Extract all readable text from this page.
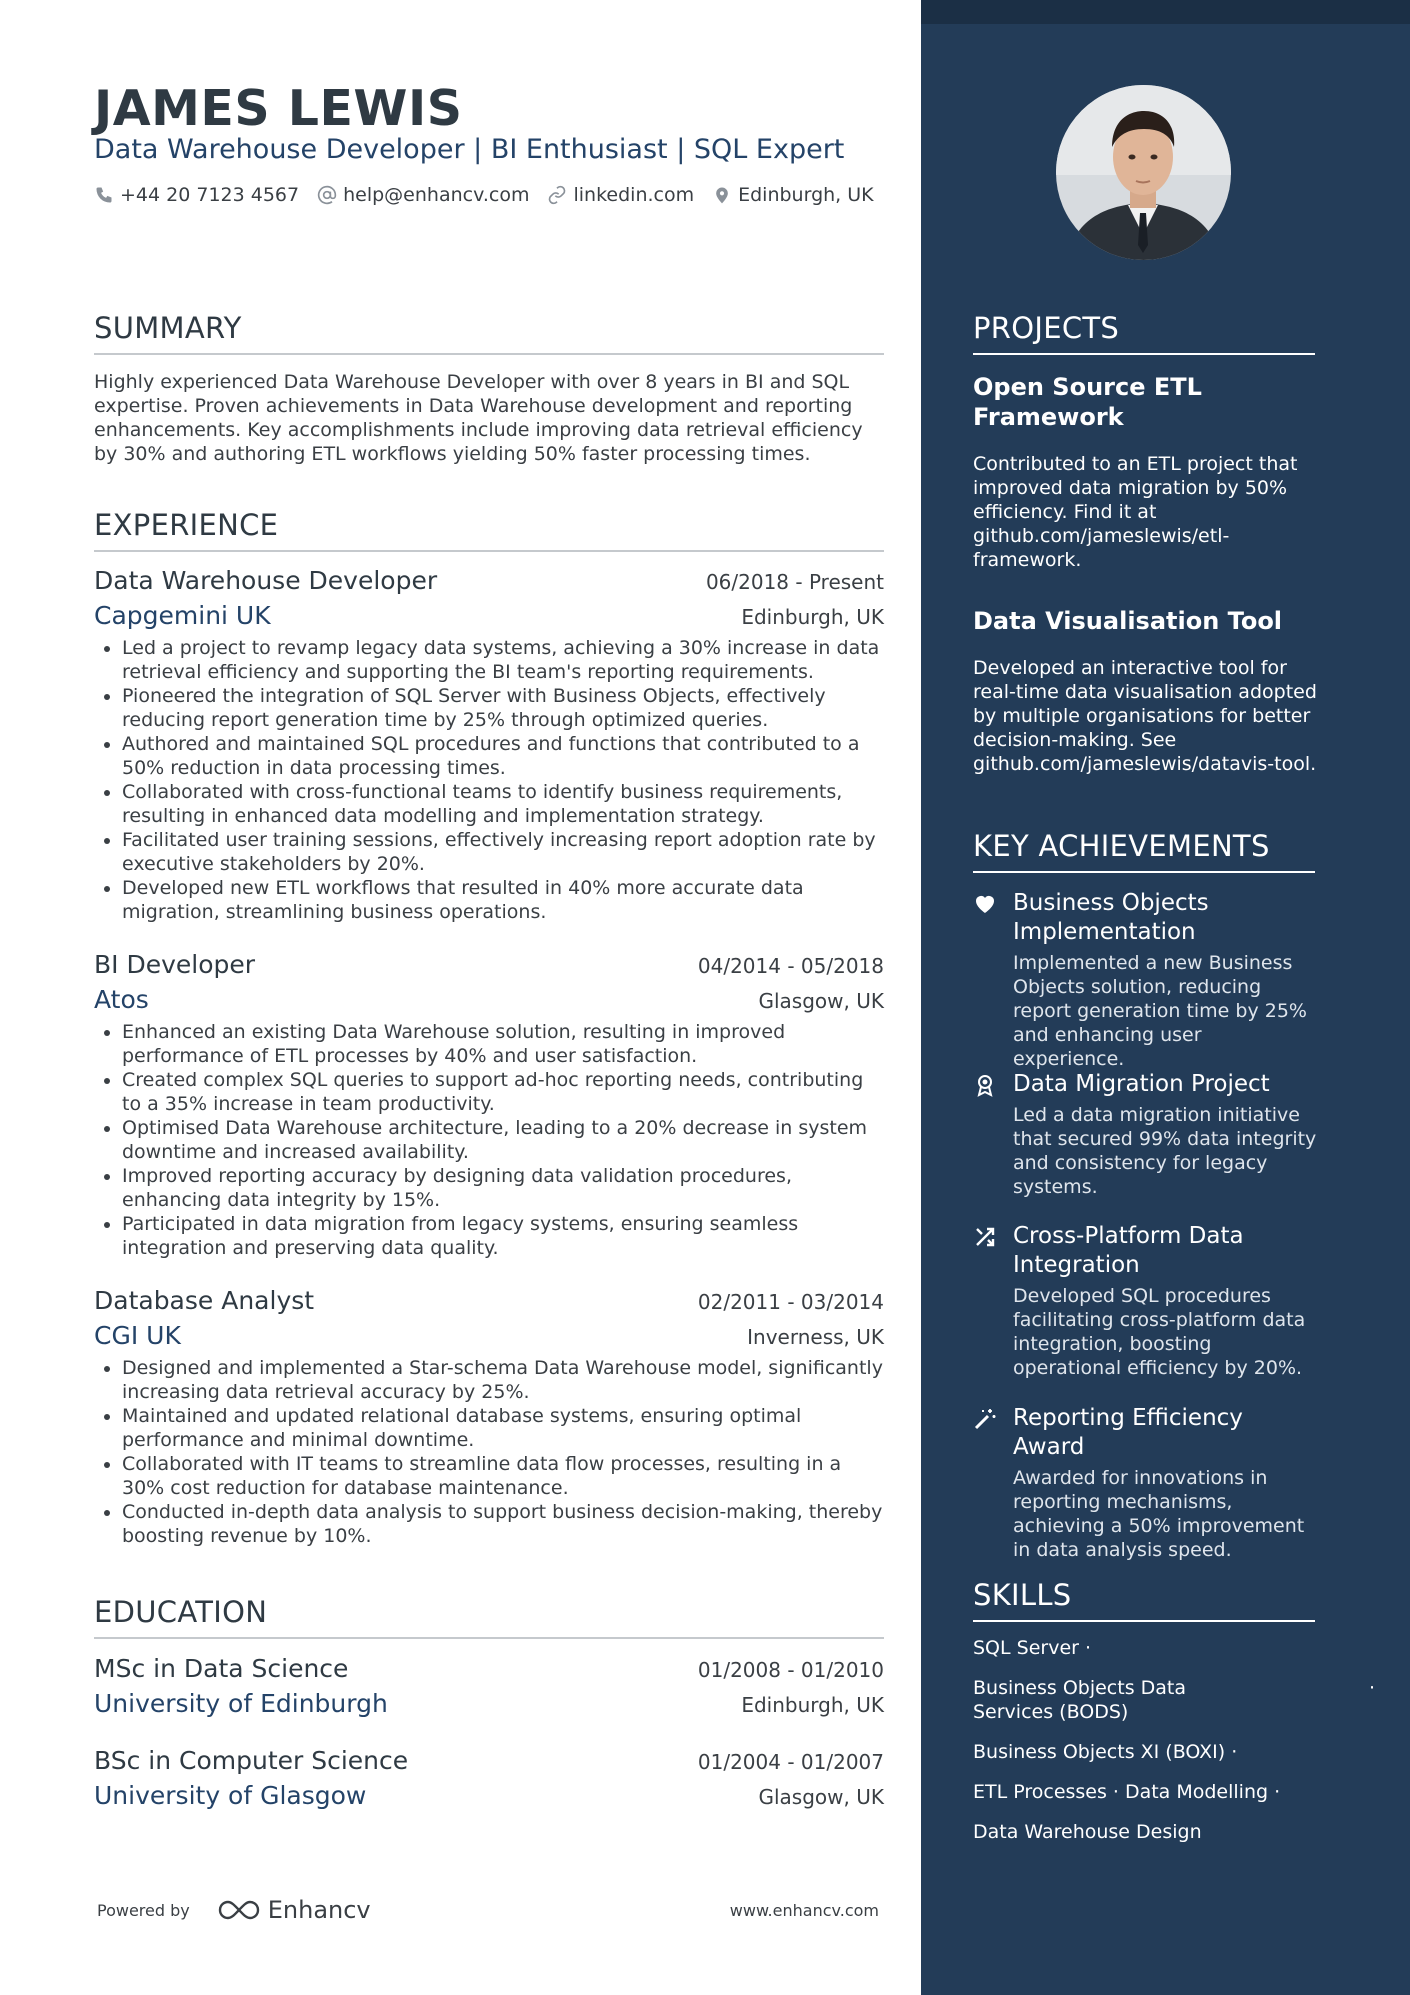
JAMES LEWIS
Data Warehouse Developer | BI Enthusiast | SQL Expert
+44 20 7123 4567 help@enhancv.com linkedin.com Edinburgh, UK
SUMMARY
Highly experienced Data Warehouse Developer with over 8 years in BI and SQL expertise. Proven achievements in Data Warehouse development and reporting enhancements. Key accomplishments include improving data retrieval efficiency by 30% and authoring ETL workflows yielding 50% faster processing times.
EXPERIENCE
Data Warehouse Developer	06/2018 - Present
Capgemini UK	Edinburgh, UK
• Led a project to revamp legacy data systems, achieving a 30% increase in data retrieval efficiency and supporting the BI team's reporting requirements.
• Pioneered the integration of SQL Server with Business Objects, effectively reducing report generation time by 25% through optimized queries.
• Authored and maintained SQL procedures and functions that contributed to a 50% reduction in data processing times.
• Collaborated with cross-functional teams to identify business requirements, resulting in enhanced data modelling and implementation strategy.
• Facilitated user training sessions, effectively increasing report adoption rate by executive stakeholders by 20%.
• Developed new ETL workflows that resulted in 40% more accurate data migration, streamlining business operations.
BI Developer	04/2014 - 05/2018
Atos	Glasgow, UK
• Enhanced an existing Data Warehouse solution, resulting in improved performance of ETL processes by 40% and user satisfaction.
• Created complex SQL queries to support ad-hoc reporting needs, contributing to a 35% increase in team productivity.
• Optimised Data Warehouse architecture, leading to a 20% decrease in system downtime and increased availability.
• Improved reporting accuracy by designing data validation procedures, enhancing data integrity by 15%.
• Participated in data migration from legacy systems, ensuring seamless integration and preserving data quality.
Database Analyst	02/2011 - 03/2014
CGI UK	Inverness, UK
• Designed and implemented a Star-schema Data Warehouse model, significantly increasing data retrieval accuracy by 25%.
• Maintained and updated relational database systems, ensuring optimal performance and minimal downtime.
• Collaborated with IT teams to streamline data flow processes, resulting in a 30% cost reduction for database maintenance.
• Conducted in-depth data analysis to support business decision-making, thereby boosting revenue by 10%.
EDUCATION
MSc in Data Science	01/2008 - 01/2010
University of Edinburgh	Edinburgh, UK
BSc in Computer Science	01/2004 - 01/2007
University of Glasgow	Glasgow, UK
Powered by	Enhancv	www.enhancv.com
PROJECTS
Open Source ETL Framework
Contributed to an ETL project that improved data migration by 50% efficiency. Find it at github.com/jameslewis/etl-framework.
Data Visualisation Tool
Developed an interactive tool for real-time data visualisation adopted by multiple organisations for better decision-making. See github.com/jameslewis/datavis-tool.
KEY ACHIEVEMENTS
Business Objects Implementation
Implemented a new Business Objects solution, reducing report generation time by 25% and enhancing user experience.
Data Migration Project
Led a data migration initiative that secured 99% data integrity and consistency for legacy systems.
Cross-Platform Data Integration
Developed SQL procedures facilitating cross-platform data integration, boosting operational efficiency by 20%.
Reporting Efficiency Award
Awarded for innovations in reporting mechanisms, achieving a 50% improvement in data analysis speed.
SKILLS
SQL Server ·
Business Objects Data Services (BODS)
·
Business Objects XI (BOXI) ·
ETL Processes · Data Modelling ·
Data Warehouse Design
